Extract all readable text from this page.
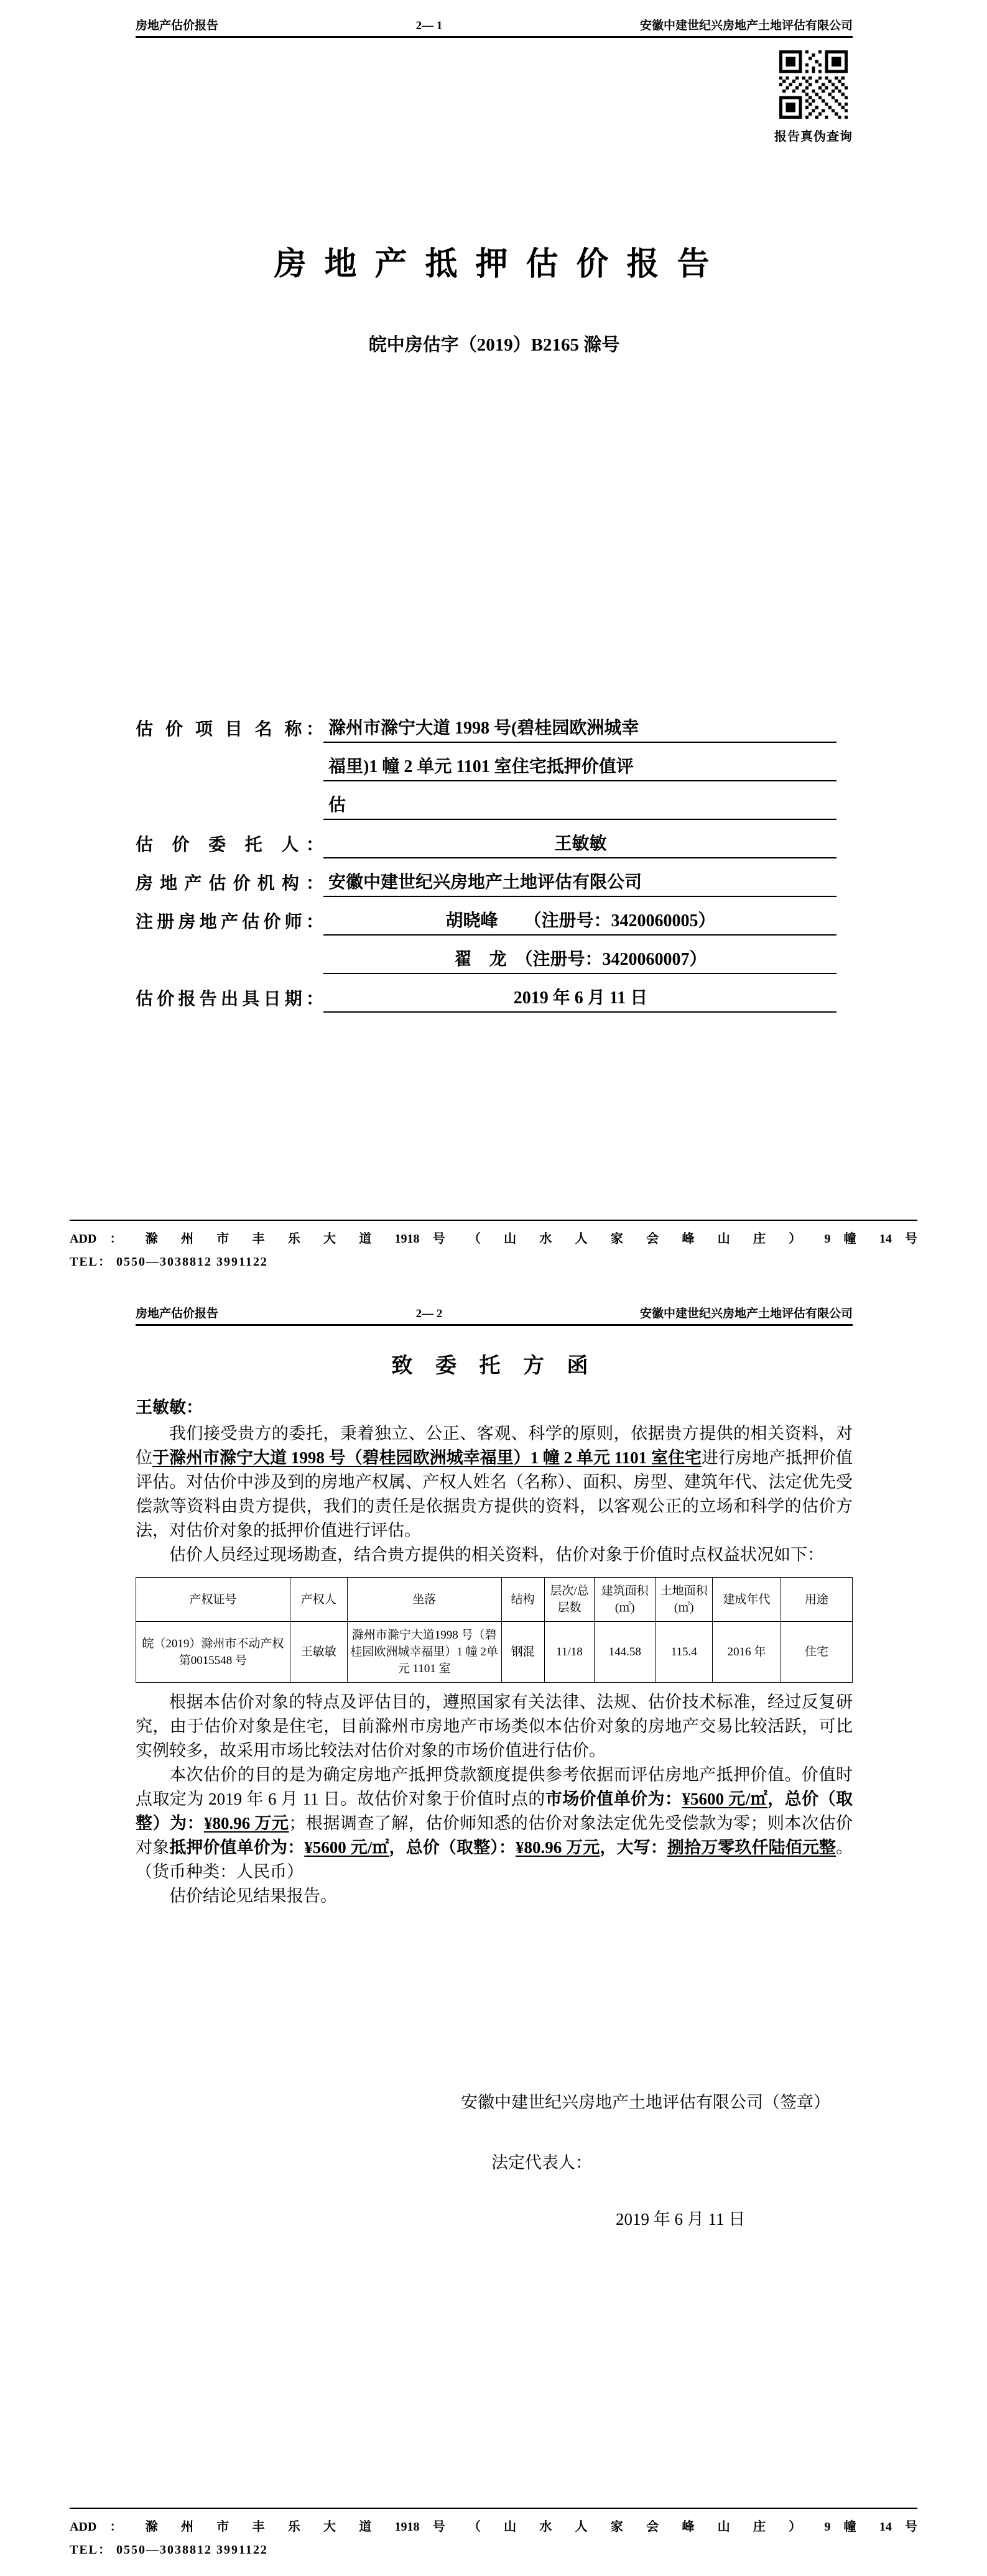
房地产估价报告	2— 1	安徽中建世纪兴房地产土地评估有限公司
报告真伪查询
房 地 产 抵 押 估 价 报 告
皖中房估字（2019）B2165 滁号
估 价 项 目 名 称： 滁州市滁宁大道 1998 号(碧桂园欧洲城幸
福里)1 幢 2 单元 1101 室住宅抵押价值评
估
估 价 委 托 人：	王敏敏
房地产估价机构： 安徽中建世纪兴房地产土地评估有限公司
注册房地产估价师：	胡晓峰　　（注册号：3420060005）
翟　龙　（注册号：3420060007）
估价报告出具日期：	2019 年 6 月 11 日
ADD ： 滁 州 市 丰 乐 大 道 1918 号 （ 山 水 人 家 会 峰 山 庄 ） 9 幢 14 号
TEL： 0550—3038812 3991122
房地产估价报告	2— 2	安徽中建世纪兴房地产土地评估有限公司
致 委 托 方 函
王敏敏：

我们接受贵方的委托，秉着独立、公正、客观、科学的原则，依据贵方提供的相关资料，对位于滁州市滁宁大道 1998 号（碧桂园欧洲城幸福里）1 幢 2 单元 1101 室住宅进行房地产抵押价值评估。对估价中涉及到的房地产权属、产权人姓名（名称）、面积、房型、建筑年代、法定优先受偿款等资料由贵方提供，我们的责任是依据贵方提供的资料，以客观公正的立场和科学的估价方法，对估价对象的抵押价值进行评估。

估价人员经过现场勘查，结合贵方提供的相关资料，估价对象于价值时点权益状况如下：

产权证号	产权人	坐落	结构	层次/总层数	建筑面积(㎡)	土地面积(㎡)	建成年代	用途
皖（2019）滁州市不动产权第0015548 号	王敏敏	滁州市滁宁大道1998 号（碧桂园欧洲城幸福里）1 幢 2单元 1101 室	钢混	11/18	144.58	115.4	2016 年	住宅

根据本估价对象的特点及评估目的，遵照国家有关法律、法规、估价技术标准，经过反复研究，由于估价对象是住宅，目前滁州市房地产市场类似本估价对象的房地产交易比较活跃，可比实例较多，故采用市场比较法对估价对象的市场价值进行估价。

本次估价的目的是为确定房地产抵押贷款额度提供参考依据而评估房地产抵押价值。价值时点取定为 2019 年 6 月 11 日。故估价对象于价值时点的市场价值单价为：¥5600 元/㎡，总价（取整）为：¥80.96 万元；根据调查了解，估价师知悉的估价对象法定优先受偿款为零；则本次估价对象抵押价值单价为：¥5600 元/㎡，总价（取整）：¥80.96 万元，大写：捌拾万零玖仟陆佰元整。（货币种类：人民币）

估价结论见结果报告。

安徽中建世纪兴房地产土地评估有限公司（签章）
法定代表人：
2019 年 6 月 11 日
ADD ： 滁 州 市 丰 乐 大 道 1918 号 （ 山 水 人 家 会 峰 山 庄 ） 9 幢 14 号
TEL： 0550—3038812 3991122
